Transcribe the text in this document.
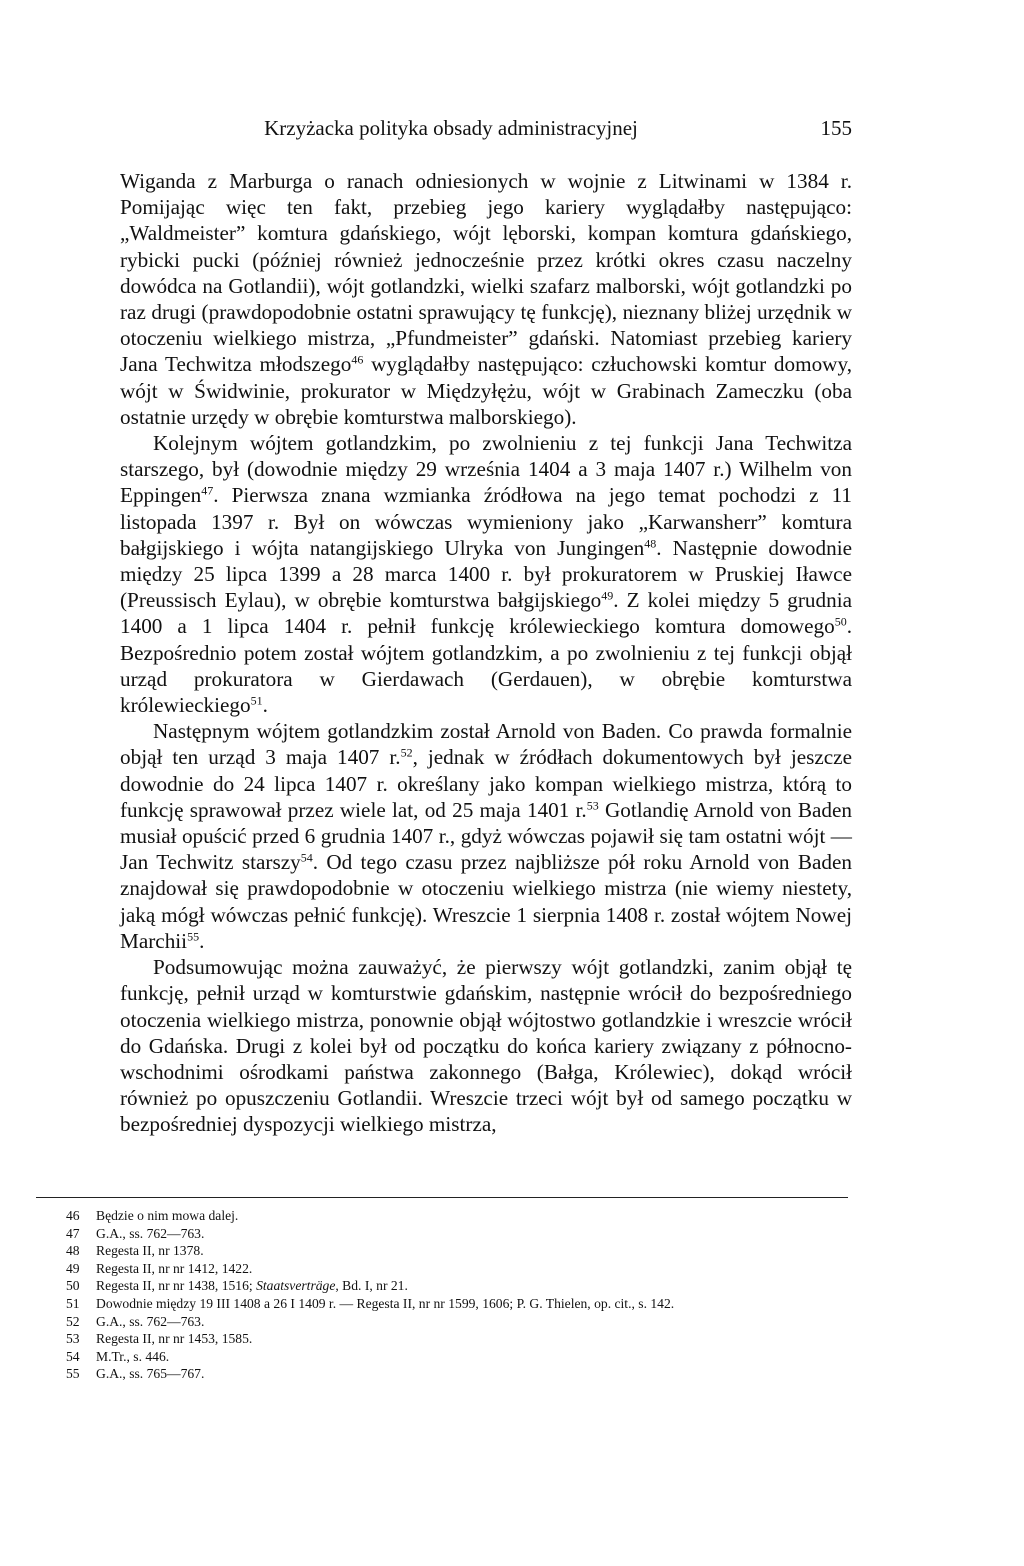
Krzyżacka polityka obsady administracyjnej	155

Wiganda z Marburga o ranach odniesionych w wojnie z Litwinami w 1384 r. Pomijając więc ten fakt, przebieg jego kariery wyglądałby następująco: „Waldmeister” komtura gdańskiego, wójt lęborski, kompan komtura gdańskiego, rybicki pucki (później również jednocześnie przez krótki okres czasu naczelny dowódca na Gotlandii), wójt gotlandzki, wielki szafarz malborski, wójt gotlandzki po raz drugi (prawdopodobnie ostatni sprawujący tę funkcję), nieznany bliżej urzędnik w otoczeniu wielkiego mistrza, „Pfundmeister” gdański. Natomiast przebieg kariery Jana Techwitza młodszego$^{46}$ wyglądałby następująco: człuchowski komtur domowy, wójt w Świdwinie, prokurator w Międzyłężu, wójt w Grabinach Zameczku (oba ostatnie urzędy w obrębie komturstwa malborskiego).

Kolejnym wójtem gotlandzkim, po zwolnieniu z tej funkcji Jana Techwitza starszego, był (dowodnie między 29 września 1404 a 3 maja 1407 r.) Wilhelm von Eppingen$^{47}$. Pierwsza znana wzmianka źródłowa na jego temat pochodzi z 11 listopada 1397 r. Był on wówczas wymieniony jako „Karwansherr” komtura bałgijskiego i wójta natangijskiego Ulryka von Jungingen$^{48}$. Następnie dowodnie między 25 lipca 1399 a 28 marca 1400 r. był prokuratorem w Pruskiej Iławce (Preussisch Eylau), w obrębie komturstwa bałgijskiego$^{49}$. Z kolei między 5 grudnia 1400 a 1 lipca 1404 r. pełnił funkcję królewieckiego komtura domowego$^{50}$. Bezpośrednio potem został wójtem gotlandzkim, a po zwolnieniu z tej funkcji objął urząd prokuratora w Gierdawach (Gerdauen), w obrębie komturstwa królewieckiego$^{51}$.

Następnym wójtem gotlandzkim został Arnold von Baden. Co prawda formalnie objął ten urząd 3 maja 1407 r.$^{52}$, jednak w źródłach dokumentowych był jeszcze dowodnie do 24 lipca 1407 r. określany jako kompan wielkiego mistrza, którą to funkcję sprawował przez wiele lat, od 25 maja 1401 r.$^{53}$ Gotlandię Arnold von Baden musiał opuścić przed 6 grudnia 1407 r., gdyż wówczas pojawił się tam ostatni wójt — Jan Techwitz starszy$^{54}$. Od tego czasu przez najbliższe pół roku Arnold von Baden znajdował się prawdopodobnie w otoczeniu wielkiego mistrza (nie wiemy niestety, jaką mógł wówczas pełnić funkcję). Wreszcie 1 sierpnia 1408 r. został wójtem Nowej Marchii$^{55}$.

Podsumowując można zauważyć, że pierwszy wójt gotlandzki, zanim objął tę funkcję, pełnił urząd w komturstwie gdańskim, następnie wrócił do bezpośredniego otoczenia wielkiego mistrza, ponownie objął wójtostwo gotlandzkie i wreszcie wrócił do Gdańska. Drugi z kolei był od początku do końca kariery związany z północno-wschodnimi ośrodkami państwa zakonnego (Bałga, Królewiec), dokąd wrócił również po opuszczeniu Gotlandii. Wreszcie trzeci wójt był od samego początku w bezpośredniej dyspozycji wielkiego mistrza,

46	Będzie o nim mowa dalej.
47	G.A., ss. 762—763.
48	Regesta II, nr 1378.
49	Regesta II, nr nr 1412, 1422.
50	Regesta II, nr nr 1438, 1516; Staatsverträge, Bd. I, nr 21.
51	Dowodnie między 19 III 1408 a 26 I 1409 r. — Regesta II, nr nr 1599, 1606; P. G. Thielen, op. cit., s. 142.
52	G.A., ss. 762—763.
53	Regesta II, nr nr 1453, 1585.
54	M.Tr., s. 446.
55	G.A., ss. 765—767.
